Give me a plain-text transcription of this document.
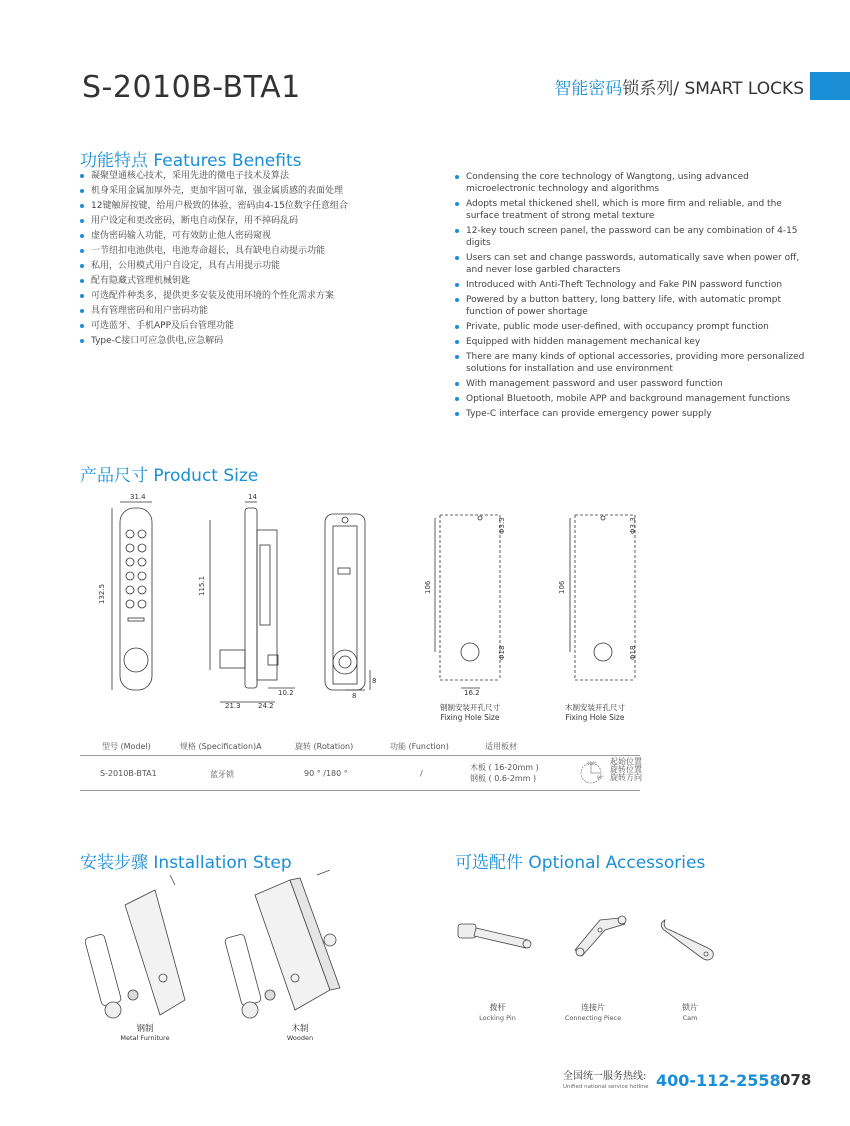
S-2010B-BTA1	智能密码锁系列/ SMART LOCKS
功能特点 Features Benefits
凝聚望通核心技术，采用先进的微电子技术及算法
机身采用金属加厚外壳，更加牢固可靠，强金属质感的表面处理
12键触屏按键，给用户极致的体验，密码由4-15位数字任意组合
用户设定和更改密码，断电自动保存，用不掉码乱码
虚伪密码输入功能，可有效防止他人密码窥视
一节纽扣电池供电，电池寿命超长，具有缺电自动提示功能
私用，公用模式用户自设定，具有占用提示功能
配有隐藏式管理机械钥匙
可选配件种类多，提供更多安装及使用环境的个性化需求方案
具有管理密码和用户密码功能
可选蓝牙、手机APP及后台管理功能
Type-C接口可应急供电,应急解码
Condensing the core technology of Wangtong, using advanced microelectronic technology and algorithms
Adopts metal thickened shell, which is more firm and reliable, and the surface treatment of strong metal texture
12-key touch screen panel, the password can be any combination of 4-15 digits
Users can set and change passwords, automatically save when power off, and never lose garbled characters
Introduced with Anti-Theft Technology and Fake PIN password function
Powered by a button battery, long battery life, with automatic prompt function of power shortage
Private, public mode user-defined, with occupancy prompt function
Equipped with hidden management mechanical key
There are many kinds of optional accessories, providing more personalized solutions for installation and use environment
With management password and user password function
Optional Bluetooth, mobile APP and background management functions
Type-C interface can provide emergency power supply
产品尺寸 Product Size
31.4
132.5
14
115.1
10.2
21.3 24.2
8
8
Φ3.3
106
Φ18
16.2
Φ3.3
106
Φ18
钢制安装开孔尺寸
Fixing Hole Size
木制安装开孔尺寸
Fixing Hole Size
型号 (Model)	规格 (Specification)A	旋转 (Rotation)	功能 (Function)	适用板材
S-2010B-BTA1	蓝牙锁	90 ° /180 °	/
木板 ( 16-20mm )
钢板 ( 0.6-2mm )
180°
90°
起始位置
旋转位置
旋转方向
安装步骤 Installation Step
钢制
Metal Furniture
木制
Wooden
可选配件 Optional Accessories
拨杆
Locking Pin
连接片
Connecting Piece
锁片
Cam
全国统一服务热线:
Unified national service hotline 400-112-2558 078
